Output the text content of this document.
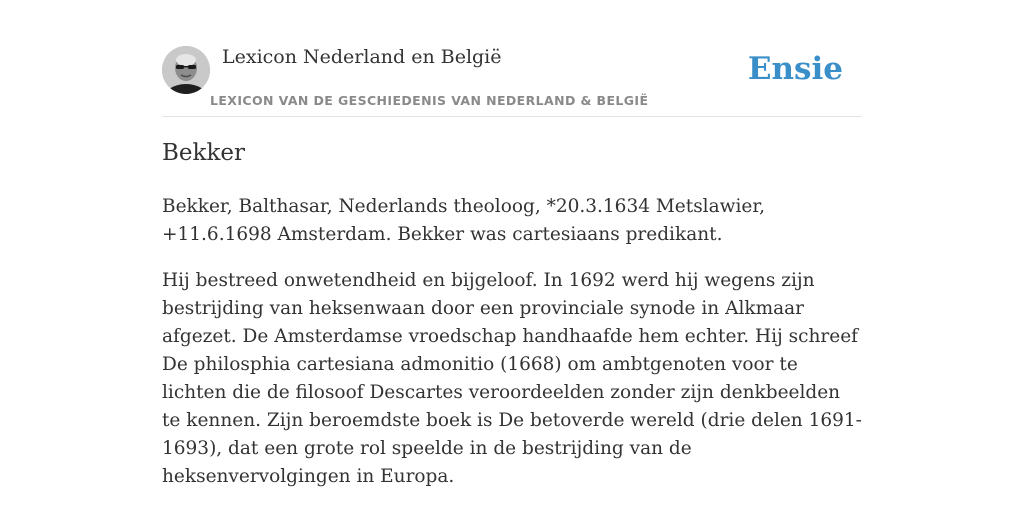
Lexicon Nederland en België
LEXICON VAN DE GESCHIEDENIS VAN NEDERLAND & BELGIË
Ensie
Bekker

Bekker, Balthasar, Nederlands theoloog, *20.3.1634 Metslawier, +11.6.1698 Amsterdam. Bekker was cartesiaans predikant.

Hij bestreed onwetendheid en bijgeloof. In 1692 werd hij wegens zijn bestrijding van heksenwaan door een provinciale synode in Alkmaar afgezet. De Amsterdamse vroedschap handhaafde hem echter. Hij schreef De philosphia cartesiana admonitio (1668) om ambtgenoten voor te lichten die de filosoof Descartes veroordeelden zonder zijn denkbeelden te kennen. Zijn beroemdste boek is De betoverde wereld (drie delen 1691-1693), dat een grote rol speelde in de bestrijding van de heksenvervolgingen in Europa.
